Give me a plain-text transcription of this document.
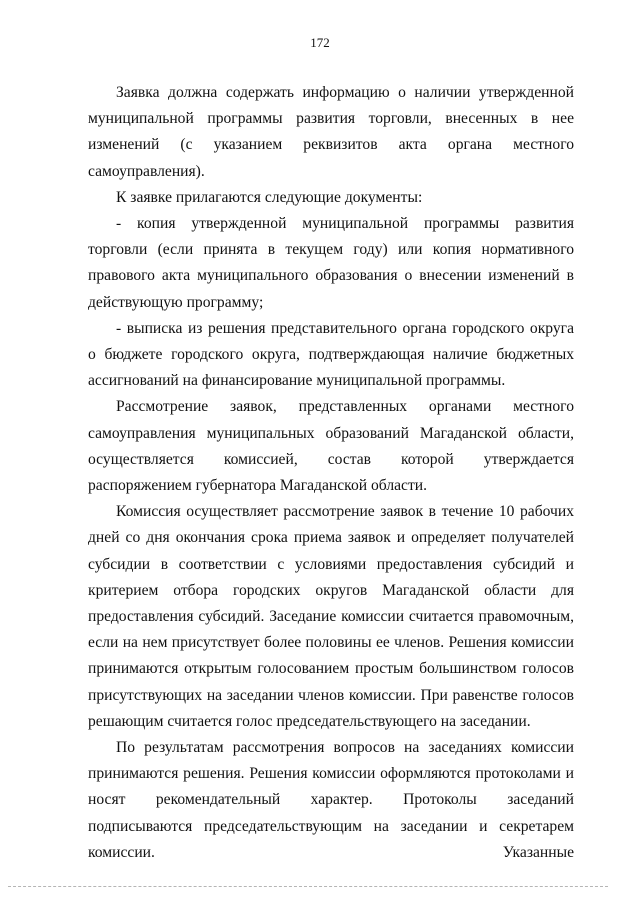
172

Заявка должна содержать информацию о наличии утвержденной муниципальной программы развития торговли, внесенных в нее изменений (с указанием реквизитов акта органа местного самоуправления).

К заявке прилагаются следующие документы:

- копия утвержденной муниципальной программы развития торговли (если принята в текущем году) или копия нормативного правового акта муниципального образования о внесении изменений в действующую программу;

- выписка из решения представительного органа городского округа о бюджете городского округа, подтверждающая наличие бюджетных ассигнований на финансирование муниципальной программы.

Рассмотрение заявок, представленных органами местного самоуправления муниципальных образований Магаданской области, осуществляется комиссией, состав которой утверждается распоряжением губернатора Магаданской области.

Комиссия осуществляет рассмотрение заявок в течение 10 рабочих дней со дня окончания срока приема заявок и определяет получателей субсидии в соответствии с условиями предоставления субсидий и критерием отбора городских округов Магаданской области для предоставления субсидий. Заседание комиссии считается правомочным, если на нем присутствует более половины ее членов. Решения комиссии принимаются открытым голосованием простым большинством голосов присутствующих на заседании членов комиссии. При равенстве голосов решающим считается голос председательствующего на заседании.

По результатам рассмотрения вопросов на заседаниях комиссии принимаются решения. Решения комиссии оформляются протоколами и носят рекомендательный характер. Протоколы заседаний подписываются председательствующим на заседании и секретарем комиссии. Указанные
